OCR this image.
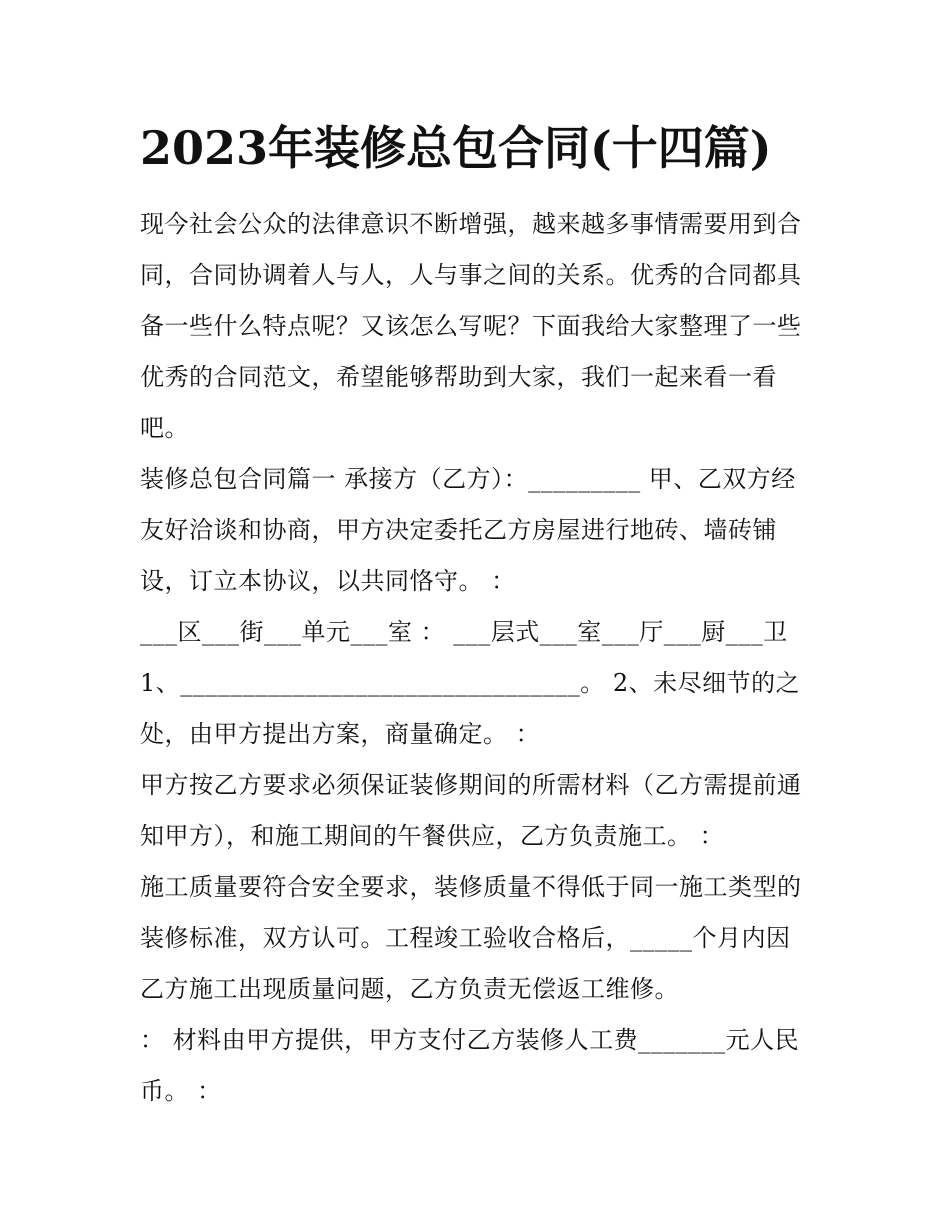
2023年装修总包合同(十四篇)
现今社会公众的法律意识不断增强，越来越多事情需要用到合
同，合同协调着人与人，人与事之间的关系。优秀的合同都具
备一些什么特点呢？又该怎么写呢？下面我给大家整理了一些
优秀的合同范文，希望能够帮助到大家，我们一起来看一看
吧。
装修总包合同篇一 承接方（乙方）：_________ 甲、乙双方经
友好洽谈和协商，甲方决定委托乙方房屋进行地砖、墙砖铺
设，订立本协议，以共同恪守。 ：
___区___街___单元___室 ： ___层式___室___厅___厨___卫
1、________________________________。 2、未尽细节的之
处，由甲方提出方案，商量确定。 ：
甲方按乙方要求必须保证装修期间的所需材料（乙方需提前通
知甲方），和施工期间的午餐供应，乙方负责施工。 ：
施工质量要符合安全要求，装修质量不得低于同一施工类型的
装修标准，双方认可。工程竣工验收合格后，_____个月内因
乙方施工出现质量问题，乙方负责无偿返工维修。
： 材料由甲方提供，甲方支付乙方装修人工费_______元人民
币。 ：
